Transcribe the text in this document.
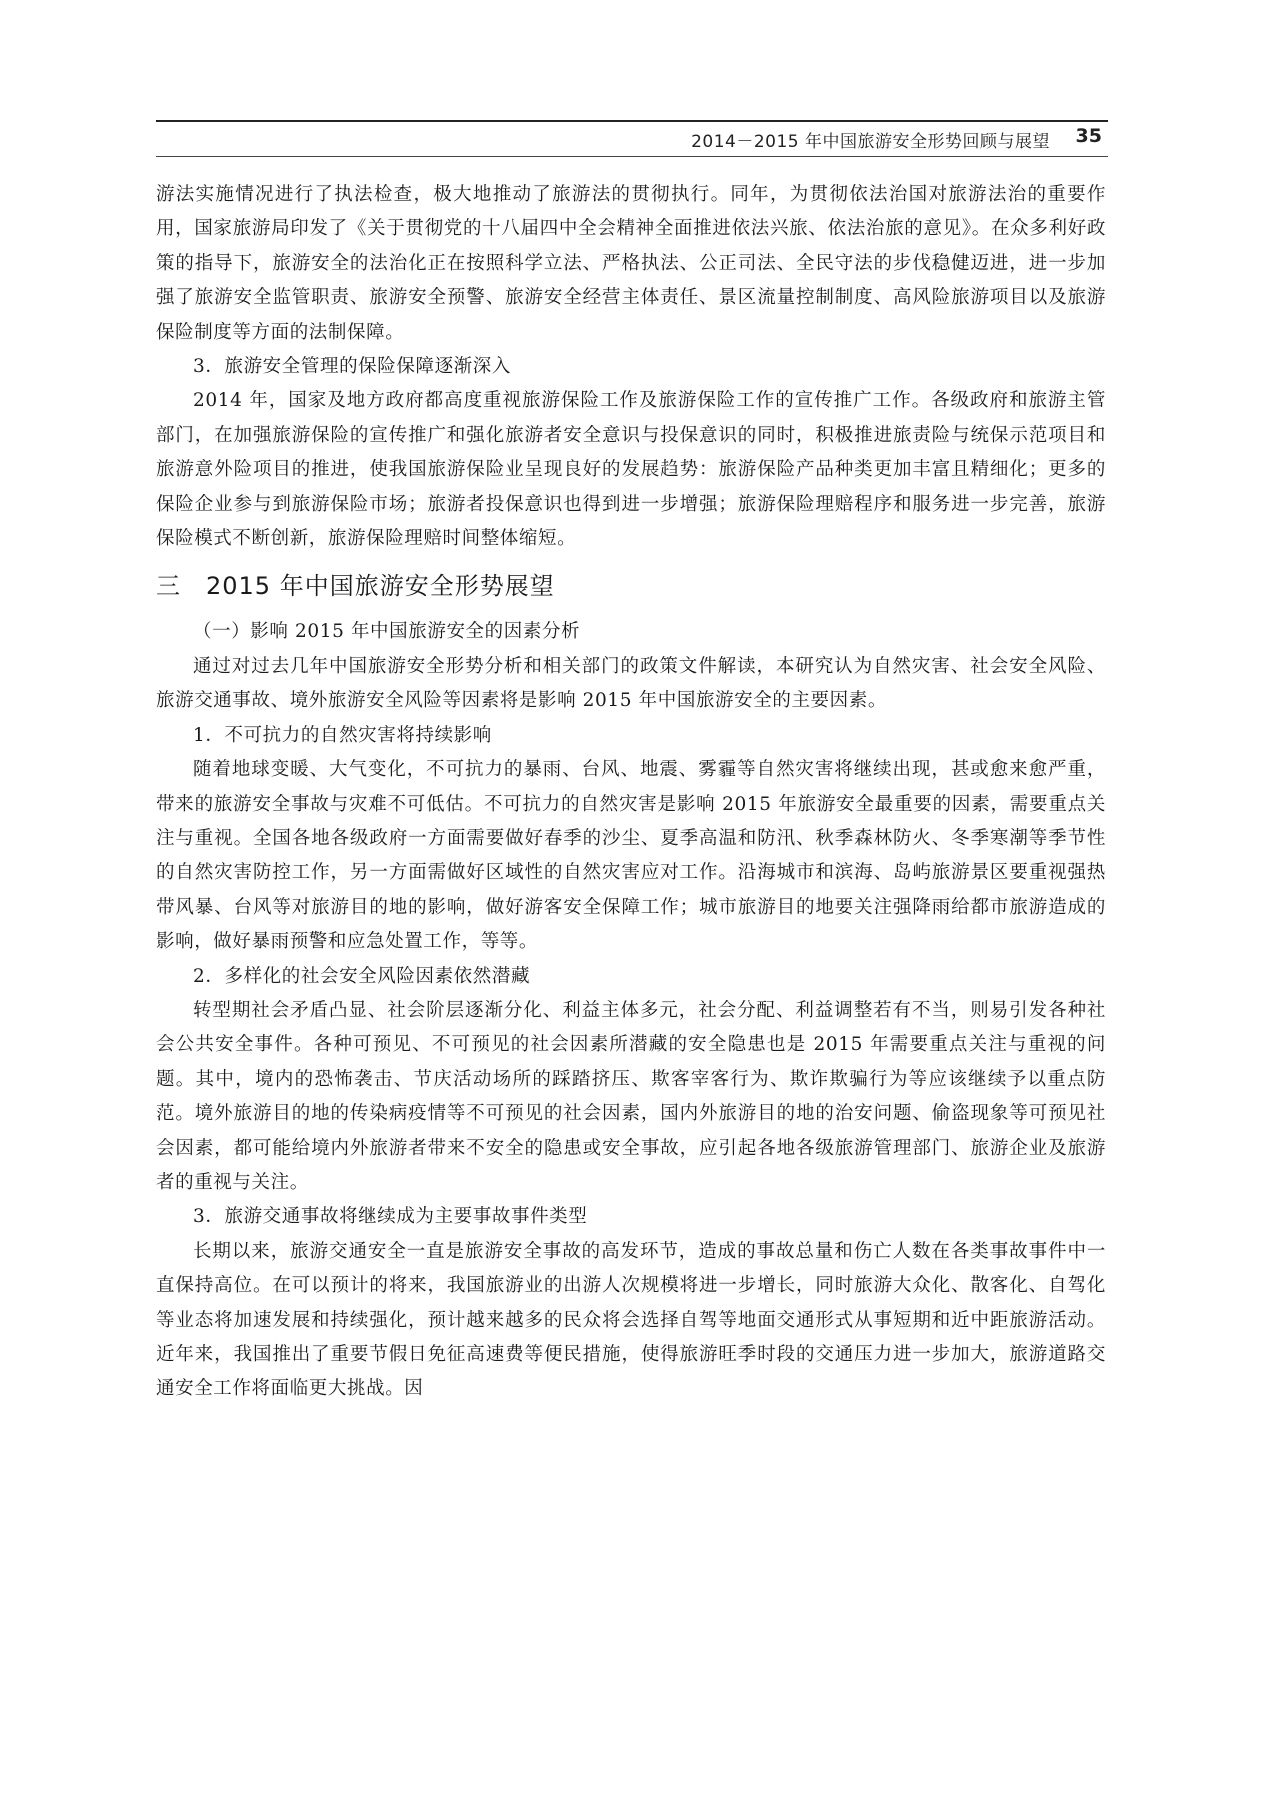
2014－2015 年中国旅游安全形势回顾与展望 35

游法实施情况进行了执法检查，极大地推动了旅游法的贯彻执行。同年，为贯彻依法治国对旅游法治的重要作用，国家旅游局印发了《关于贯彻党的十八届四中全会精神全面推进依法兴旅、依法治旅的意见》。在众多利好政策的指导下，旅游安全的法治化正在按照科学立法、严格执法、公正司法、全民守法的步伐稳健迈进，进一步加强了旅游安全监管职责、旅游安全预警、旅游安全经营主体责任、景区流量控制制度、高风险旅游项目以及旅游保险制度等方面的法制保障。

3．旅游安全管理的保险保障逐渐深入

2014 年，国家及地方政府都高度重视旅游保险工作及旅游保险工作的宣传推广工作。各级政府和旅游主管部门，在加强旅游保险的宣传推广和强化旅游者安全意识与投保意识的同时，积极推进旅责险与统保示范项目和旅游意外险项目的推进，使我国旅游保险业呈现良好的发展趋势：旅游保险产品种类更加丰富且精细化；更多的保险企业参与到旅游保险市场；旅游者投保意识也得到进一步增强；旅游保险理赔程序和服务进一步完善，旅游保险模式不断创新，旅游保险理赔时间整体缩短。

三　2015 年中国旅游安全形势展望

（一）影响 2015 年中国旅游安全的因素分析

通过对过去几年中国旅游安全形势分析和相关部门的政策文件解读，本研究认为自然灾害、社会安全风险、旅游交通事故、境外旅游安全风险等因素将是影响 2015 年中国旅游安全的主要因素。

1．不可抗力的自然灾害将持续影响

随着地球变暖、大气变化，不可抗力的暴雨、台风、地震、雾霾等自然灾害将继续出现，甚或愈来愈严重，带来的旅游安全事故与灾难不可低估。不可抗力的自然灾害是影响 2015 年旅游安全最重要的因素，需要重点关注与重视。全国各地各级政府一方面需要做好春季的沙尘、夏季高温和防汛、秋季森林防火、冬季寒潮等季节性的自然灾害防控工作，另一方面需做好区域性的自然灾害应对工作。沿海城市和滨海、岛屿旅游景区要重视强热带风暴、台风等对旅游目的地的影响，做好游客安全保障工作；城市旅游目的地要关注强降雨给都市旅游造成的影响，做好暴雨预警和应急处置工作，等等。

2．多样化的社会安全风险因素依然潜藏

转型期社会矛盾凸显、社会阶层逐渐分化、利益主体多元，社会分配、利益调整若有不当，则易引发各种社会公共安全事件。各种可预见、不可预见的社会因素所潜藏的安全隐患也是 2015 年需要重点关注与重视的问题。其中，境内的恐怖袭击、节庆活动场所的踩踏挤压、欺客宰客行为、欺诈欺骗行为等应该继续予以重点防范。境外旅游目的地的传染病疫情等不可预见的社会因素，国内外旅游目的地的治安问题、偷盗现象等可预见社会因素，都可能给境内外旅游者带来不安全的隐患或安全事故，应引起各地各级旅游管理部门、旅游企业及旅游者的重视与关注。

3．旅游交通事故将继续成为主要事故事件类型

长期以来，旅游交通安全一直是旅游安全事故的高发环节，造成的事故总量和伤亡人数在各类事故事件中一直保持高位。在可以预计的将来，我国旅游业的出游人次规模将进一步增长，同时旅游大众化、散客化、自驾化等业态将加速发展和持续强化，预计越来越多的民众将会选择自驾等地面交通形式从事短期和近中距旅游活动。近年来，我国推出了重要节假日免征高速费等便民措施，使得旅游旺季时段的交通压力进一步加大，旅游道路交通安全工作将面临更大挑战。因
